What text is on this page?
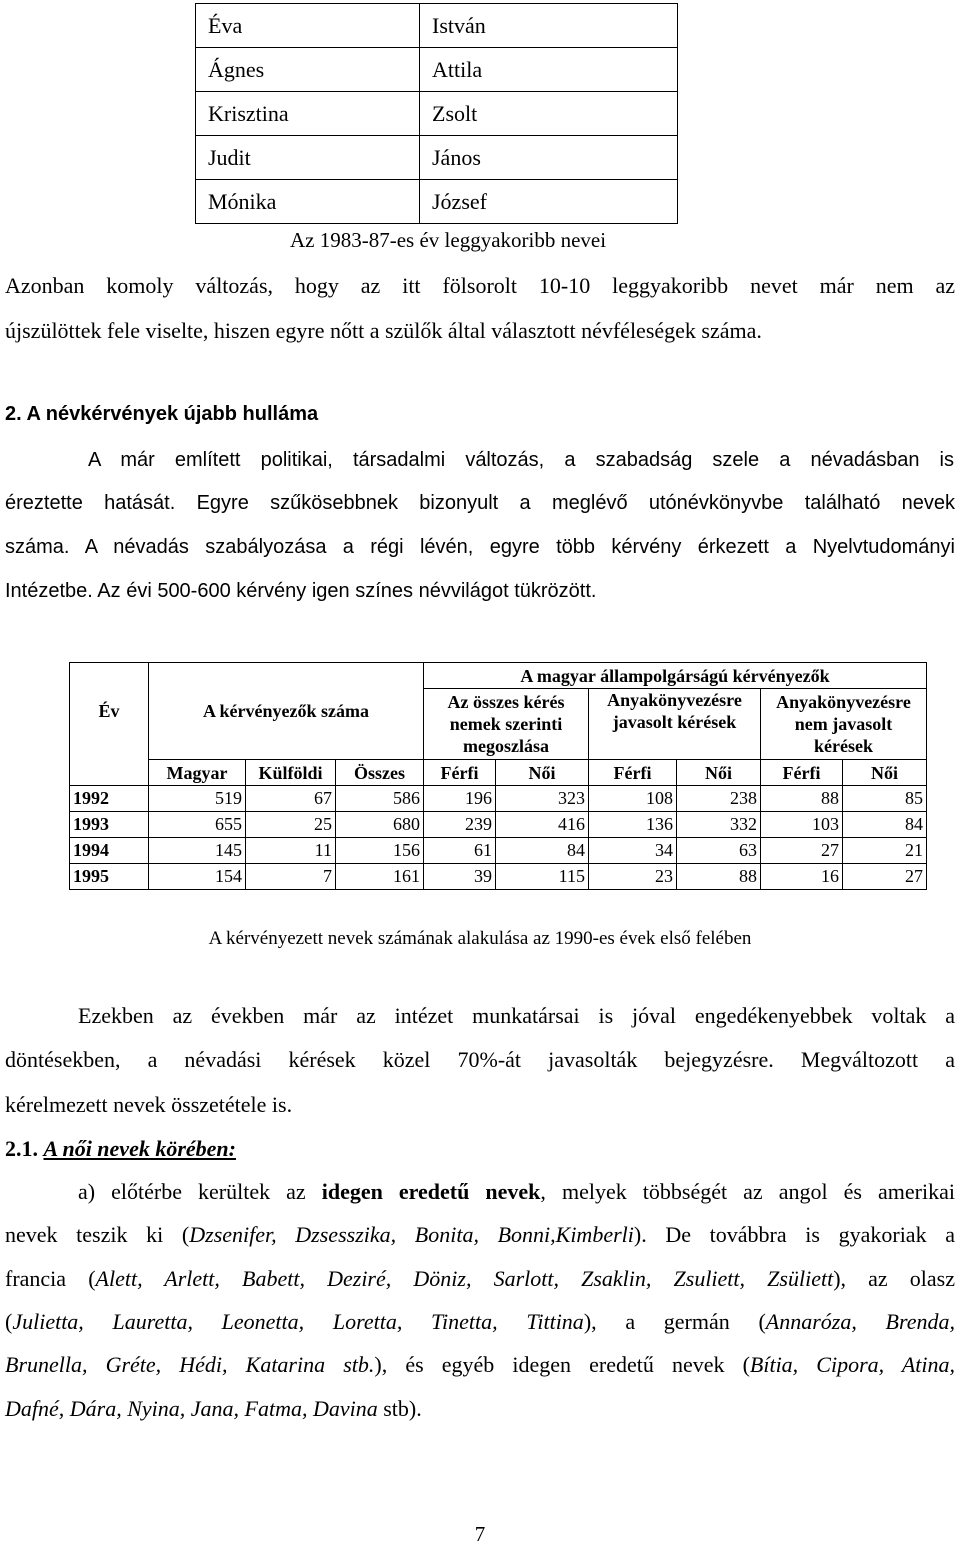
Éva	István
Ágnes	Attila
Krisztina	Zsolt
Judit	János
Mónika	József
Az 1983-87-es év leggyakoribb nevei
Azonban komoly változás, hogy az itt fölsorolt 10-10 leggyakoribb nevet már nem az
újszülöttek fele viselte, hiszen egyre nőtt a szülők által választott névféleségek száma.
2. A névkérvények újabb hulláma
A már említett politikai, társadalmi változás, a szabadság szele a névadásban is
éreztette hatását. Egyre szűkösebbnek bizonyult a meglévő utónévkönyvbe található nevek
száma. A névadás szabályozása a régi lévén, egyre több kérvény érkezett a Nyelvtudományi
Intézetbe. Az évi 500-600 kérvény igen színes névvilágot tükrözött.
Év	A kérvényezők száma			A magyar állampolgárságú kérvényezők					
				Az összes kérés nemek szerinti megoszlása		Anyakönyvezésre javasolt kérések		Anyakönyvezésre nem javasolt kérések	

	Magyar	Külföldi	Összes	Férfi	Női	Férfi	Női	Férfi	Női
1992	519	67	586	196	323	108	238	88	85
1993	655	25	680	239	416	136	332	103	84
1994	145	11	156	61	84	34	63	27	21
1995	154	7	161	39	115	23	88	16	27
A kérvényezett nevek számának alakulása az 1990-es évek első felében
Ezekben az években már az intézet munkatársai is jóval engedékenyebbek voltak a
döntésekben, a névadási kérések közel 70%-át javasolták bejegyzésre. Megváltozott a
kérelmezett nevek összetétele is.
2.1. A női nevek körében:
a) előtérbe kerültek az idegen eredetű nevek, melyek többségét az angol és amerikai
nevek teszik ki (Dzsenifer, Dzsesszika, Bonita, Bonni,Kimberli). De továbbra is gyakoriak a
francia (Alett, Arlett, Babett, Deziré, Döniz, Sarlott, Zsaklin, Zsuliett, Zsüliett), az olasz
(Julietta, Lauretta, Leonetta, Loretta, Tinetta, Tittina), a germán (Annaróza, Brenda,
Brunella, Gréte, Hédi, Katarina stb.), és egyéb idegen eredetű nevek (Bítia, Cipora, Atina,
Dafné, Dára, Nyina, Jana, Fatma, Davina stb).
7
